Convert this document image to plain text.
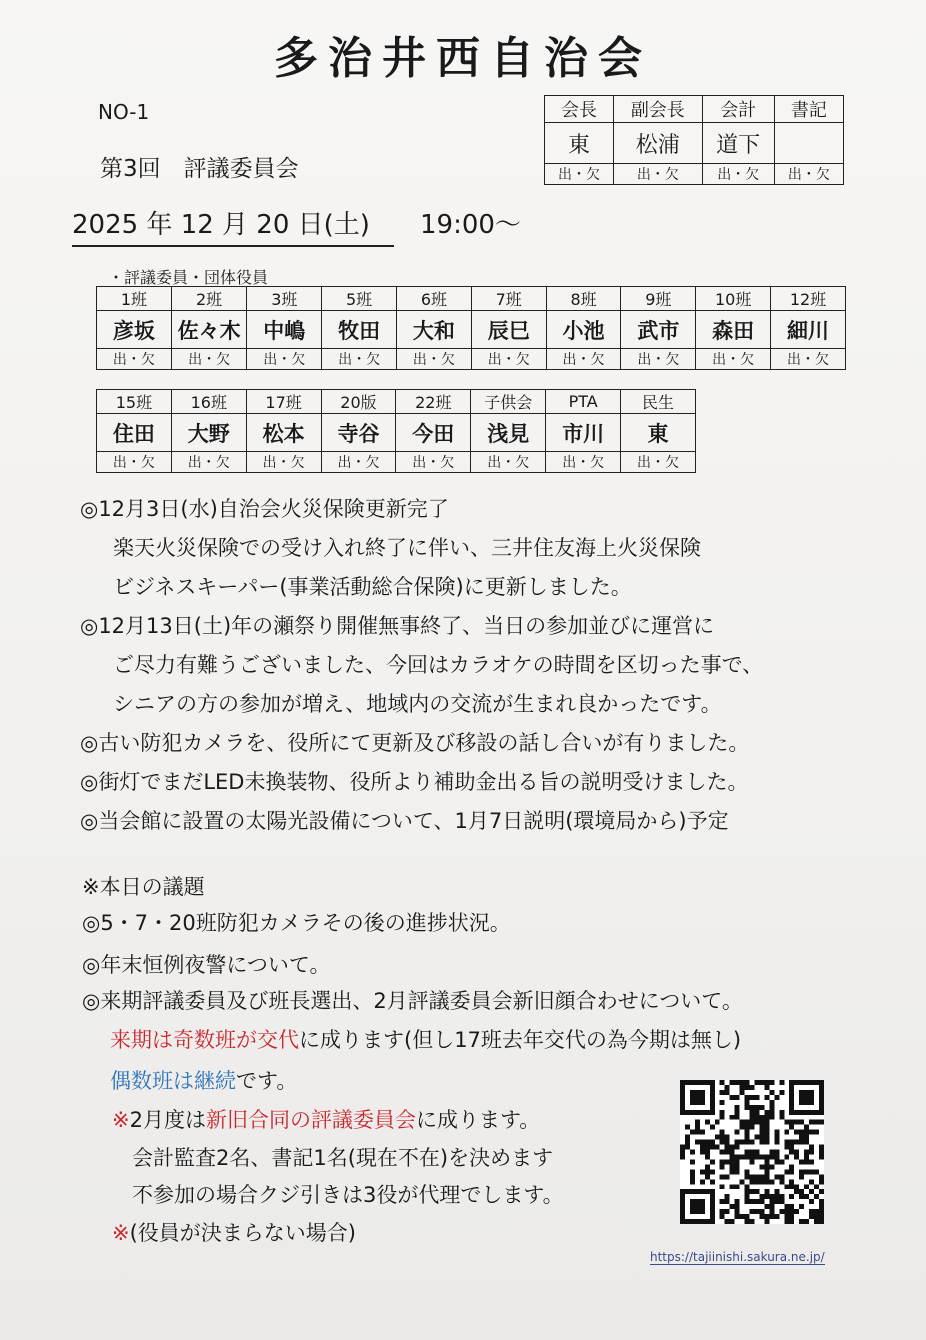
多治井西自治会
NO-1
第3回　評議委員会
2025 年 12 月 20 日(土) 19:00～
会長	副会長	会計	書記
東	松浦	道下	
出・欠	出・欠	出・欠	出・欠
・評議委員・団体役員
1班	2班	3班	5班	6班	7班	8班	9班	10班	12班
彦坂	佐々木	中嶋	牧田	大和	辰巳	小池	武市	森田	細川
出・欠	出・欠	出・欠	出・欠	出・欠	出・欠	出・欠	出・欠	出・欠	出・欠
15班	16班	17班	20版	22班	子供会	PTA	民生
住田	大野	松本	寺谷	今田	浅見	市川	東
出・欠	出・欠	出・欠	出・欠	出・欠	出・欠	出・欠	出・欠
◎12月3日(水)自治会火災保険更新完了
楽天火災保険での受け入れ終了に伴い、三井住友海上火災保険
ビジネスキーパー(事業活動総合保険)に更新しました。
◎12月13日(土)年の瀬祭り開催無事終了、当日の参加並びに運営に
ご尽力有難うございました、今回はカラオケの時間を区切った事で、
シニアの方の参加が増え、地域内の交流が生まれ良かったです。
◎古い防犯カメラを、役所にて更新及び移設の話し合いが有りました。
◎街灯でまだLED未換装物、役所より補助金出る旨の説明受けました。
◎当会館に設置の太陽光設備について、1月7日説明(環境局から)予定
※本日の議題
◎5・7・20班防犯カメラその後の進捗状況。
◎年末恒例夜警について。
◎来期評議委員及び班長選出、2月評議委員会新旧顔合わせについて。
来期は奇数班が交代に成ります(但し17班去年交代の為今期は無し)
偶数班は継続です。
※2月度は新旧合同の評議委員会に成ります。
会計監査2名、書記1名(現在不在)を決めます
不参加の場合クジ引きは3役が代理でします。
※(役員が決まらない場合)
https://tajiinishi.sakura.ne.jp/
